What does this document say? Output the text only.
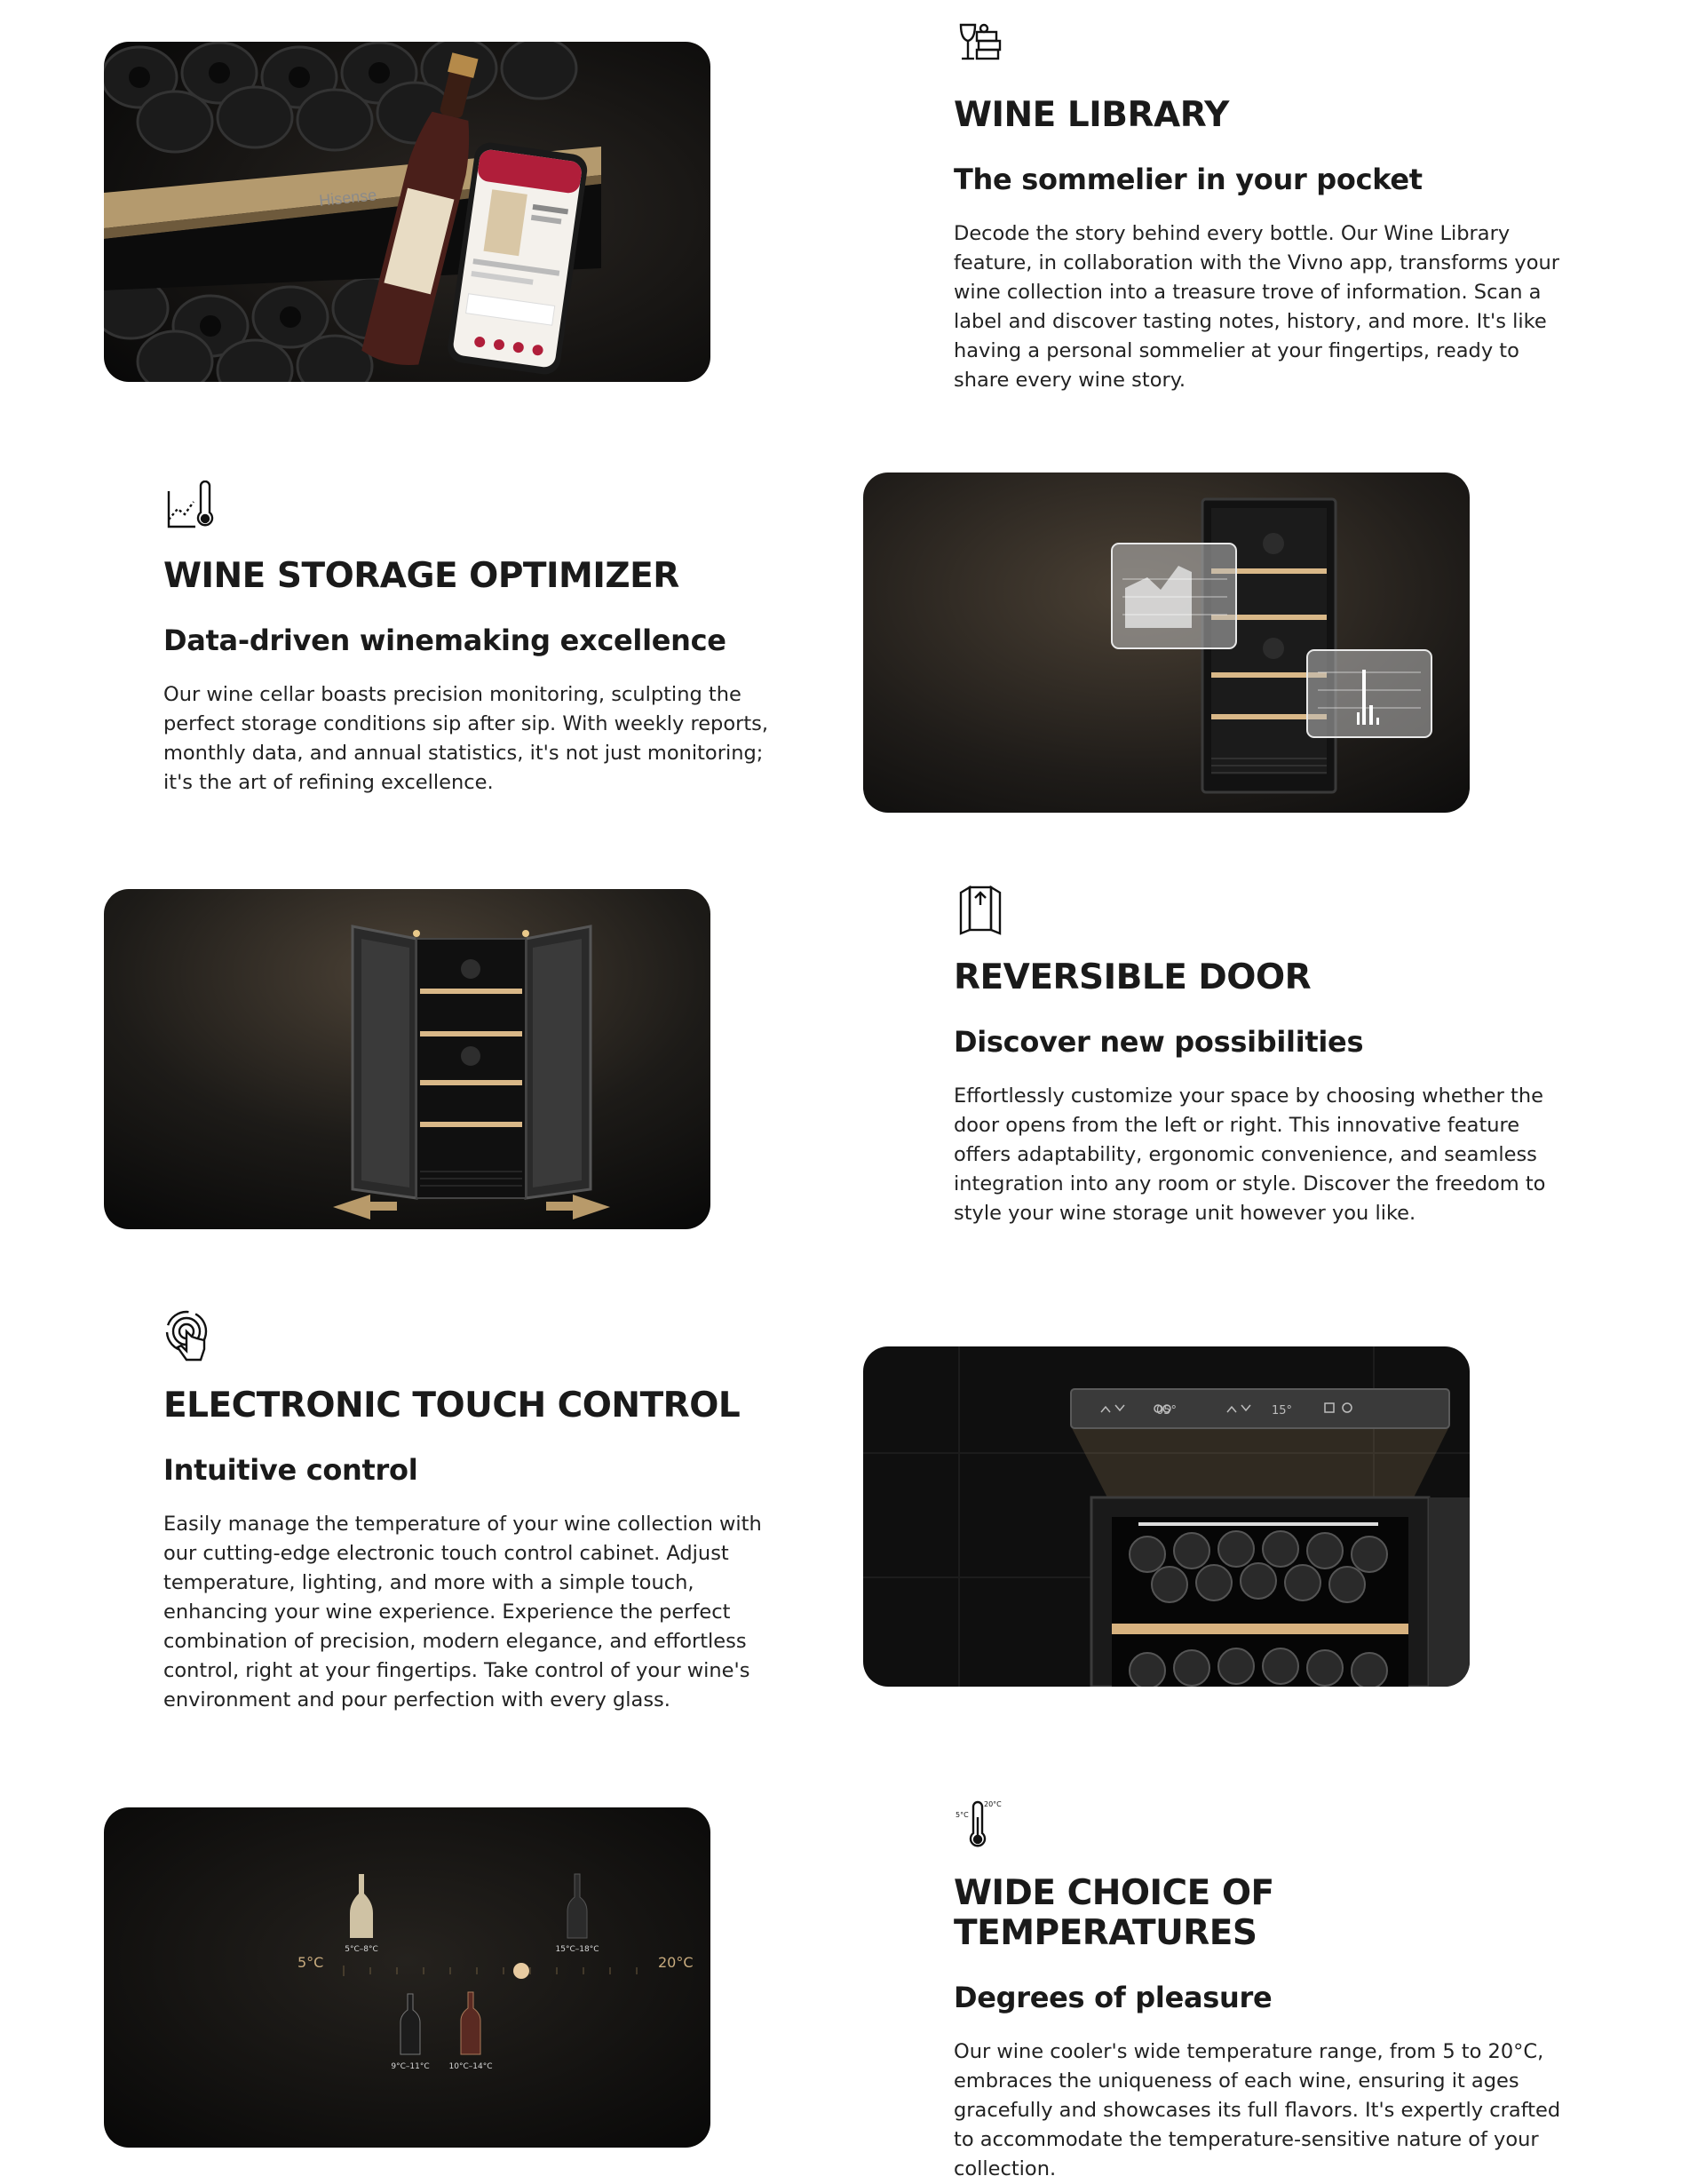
Hisense
WINE LIBRARY
The sommelier in your pocket

Decode the story behind every bottle. Our Wine Library feature, in collaboration with the Vivno app, transforms your wine collection into a treasure trove of information. Scan a label and discover tasting notes, history, and more. It's like having a personal sommelier at your fingertips, ready to share every wine story.

WINE STORAGE OPTIMIZER
Data-driven winemaking excellence

Our wine cellar boasts precision monitoring, sculpting the perfect storage conditions sip after sip. With weekly reports, monthly data, and annual statistics, it's not just monitoring; it's the art of refining excellence.

REVERSIBLE DOOR
Discover new possibilities

Effortlessly customize your space by choosing whether the door opens from the left or right. This innovative feature offers adaptability, ergonomic convenience, and seamless integration into any room or style. Discover the freedom to style your wine storage unit however you like.

ELECTRONIC TOUCH CONTROL
Intuitive control

Easily manage the temperature of your wine collection with our cutting-edge electronic touch control cabinet. Adjust temperature, lighting, and more with a simple touch, enhancing your wine experience. Experience the perfect combination of precision, modern elegance, and effortless control, right at your fingertips. Take control of your wine's environment and pour perfection with every glass.

05°	15°
5°C	20°C
5°C–8°C	15°C–18°C
9°C–11°C 10°C–14°C
20°C
5°C
WIDE CHOICE OF TEMPERATURES
Degrees of pleasure

Our wine cooler's wide temperature range, from 5 to 20°C, embraces the uniqueness of each wine, ensuring it ages gracefully and showcases its full flavors. It's expertly crafted to accommodate the temperature-sensitive nature of your collection.
